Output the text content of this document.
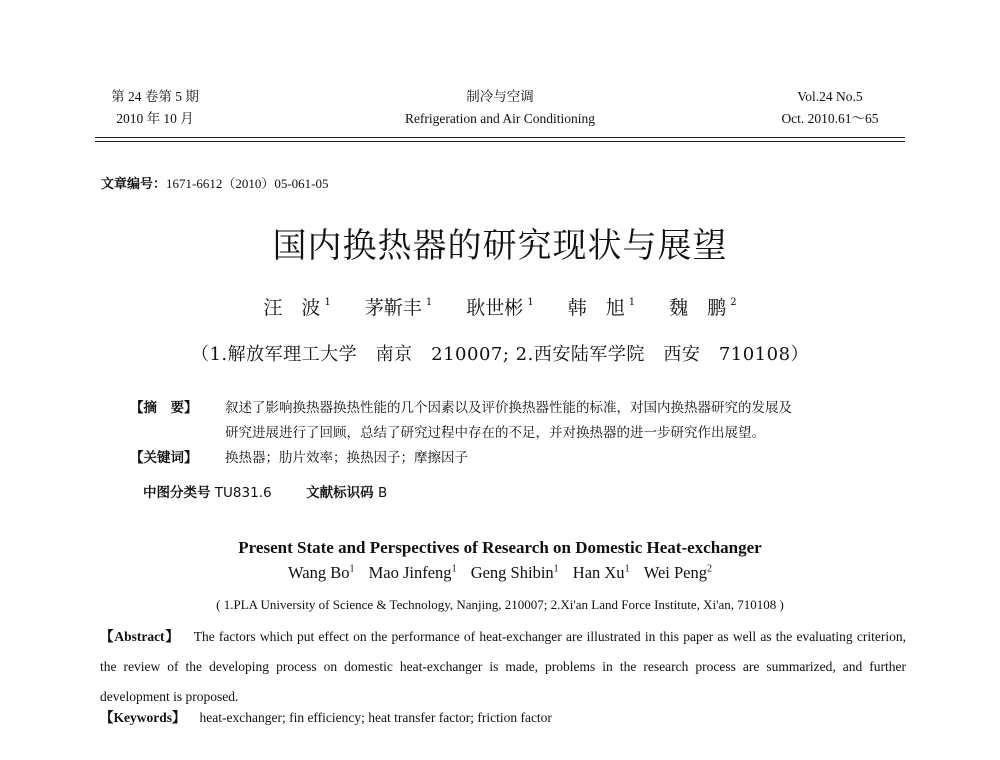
第 24 卷第 5 期
2010 年 10 月
制冷与空调
Refrigeration and Air Conditioning
Vol.24 No.5
Oct. 2010.61～65
文章编号：1671-6612（2010）05-061-05
国内换热器的研究现状与展望
汪　波 $^1$ 茅靳丰 $^1$ 耿世彬 $^1$ 韩　旭 $^1$ 魏　鹏 $^2$
（1.解放军理工大学　南京　210007; 2.西安陆军学院　西安　710108）
【摘　要】 叙述了影响换热器换热性能的几个因素以及评价换热器性能的标准，对国内换热器研究的发展及
研究进展进行了回顾，总结了研究过程中存在的不足，并对换热器的进一步研究作出展望。
【关键词】 换热器；肋片效率；换热因子；摩擦因子
中图分类号 TU831.6	文献标识码 B
Present State and Perspectives of Research on Domestic Heat-exchanger
Wang Bo$^1$ Mao Jinfeng$^1$ Geng Shibin$^1$ Han Xu$^1$ Wei Peng$^2$
( 1.PLA University of Science & Technology, Nanjing, 210007; 2.Xi'an Land Force Institute, Xi'an, 710108 )
【Abstract】 The factors which put effect on the performance of heat-exchanger are illustrated in this paper as well as the evaluating criterion, the review of the developing process on domestic heat-exchanger is made, problems in the research process are summarized, and further development is proposed.
【Keywords】 heat-exchanger; fin efficiency; heat transfer factor; friction factor
